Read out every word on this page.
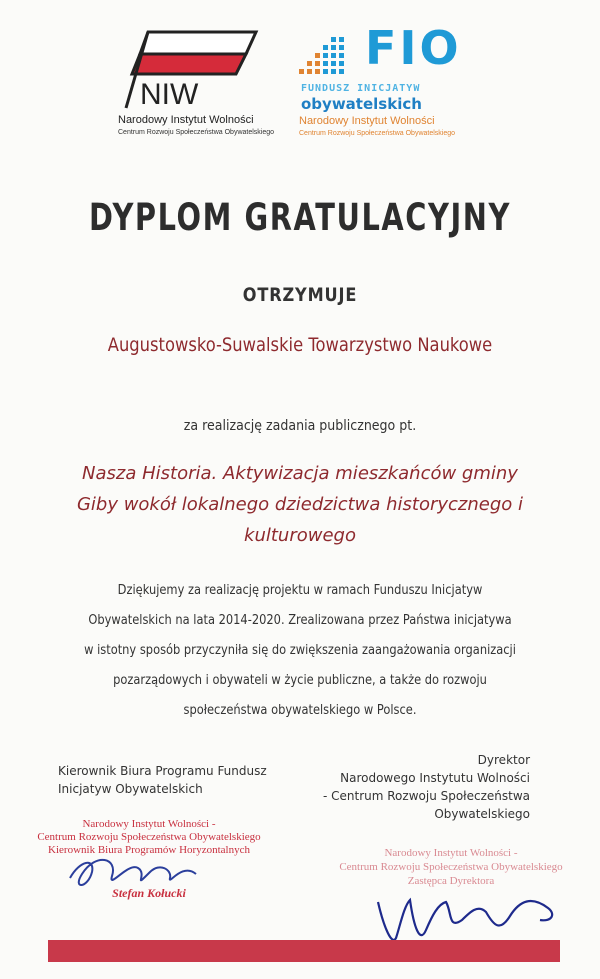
NIW
Narodowy Instytut Wolności
Centrum Rozwoju Społeczeństwa Obywatelskiego
FIO
FUNDUSZ INICJATYW
obywatelskich
Narodowy Instytut Wolności
Centrum Rozwoju Społeczeństwa Obywatelskiego
DYPLOM GRATULACYJNY
OTRZYMUJE
Augustowsko-Suwalskie Towarzystwo Naukowe
za realizację zadania publicznego pt.
Nasza Historia. Aktywizacja mieszkańców gminy Giby wokół lokalnego dziedzictwa historycznego i kulturowego
Dziękujemy za realizację projektu w ramach Funduszu Inicjatyw
Obywatelskich na lata 2014-2020. Zrealizowana przez Państwa inicjatywa
w istotny sposób przyczyniła się do zwiększenia zaangażowania organizacji
pozarządowych i obywateli w życie publiczne, a także do rozwoju
społeczeństwa obywatelskiego w Polsce.
Kierownik Biura Programu Fundusz
Inicjatyw Obywatelskich
Dyrektor
Narodowego Instytutu Wolności
- Centrum Rozwoju Społeczeństwa
Obywatelskiego
Narodowy Instytut Wolności -
Centrum Rozwoju Społeczeństwa Obywatelskiego
Kierownik Biura Programów Horyzontalnych
Stefan Kołucki
Narodowy Instytut Wolności -
Centrum Rozwoju Społeczeństwa Obywatelskiego
Zastępca Dyrektora
